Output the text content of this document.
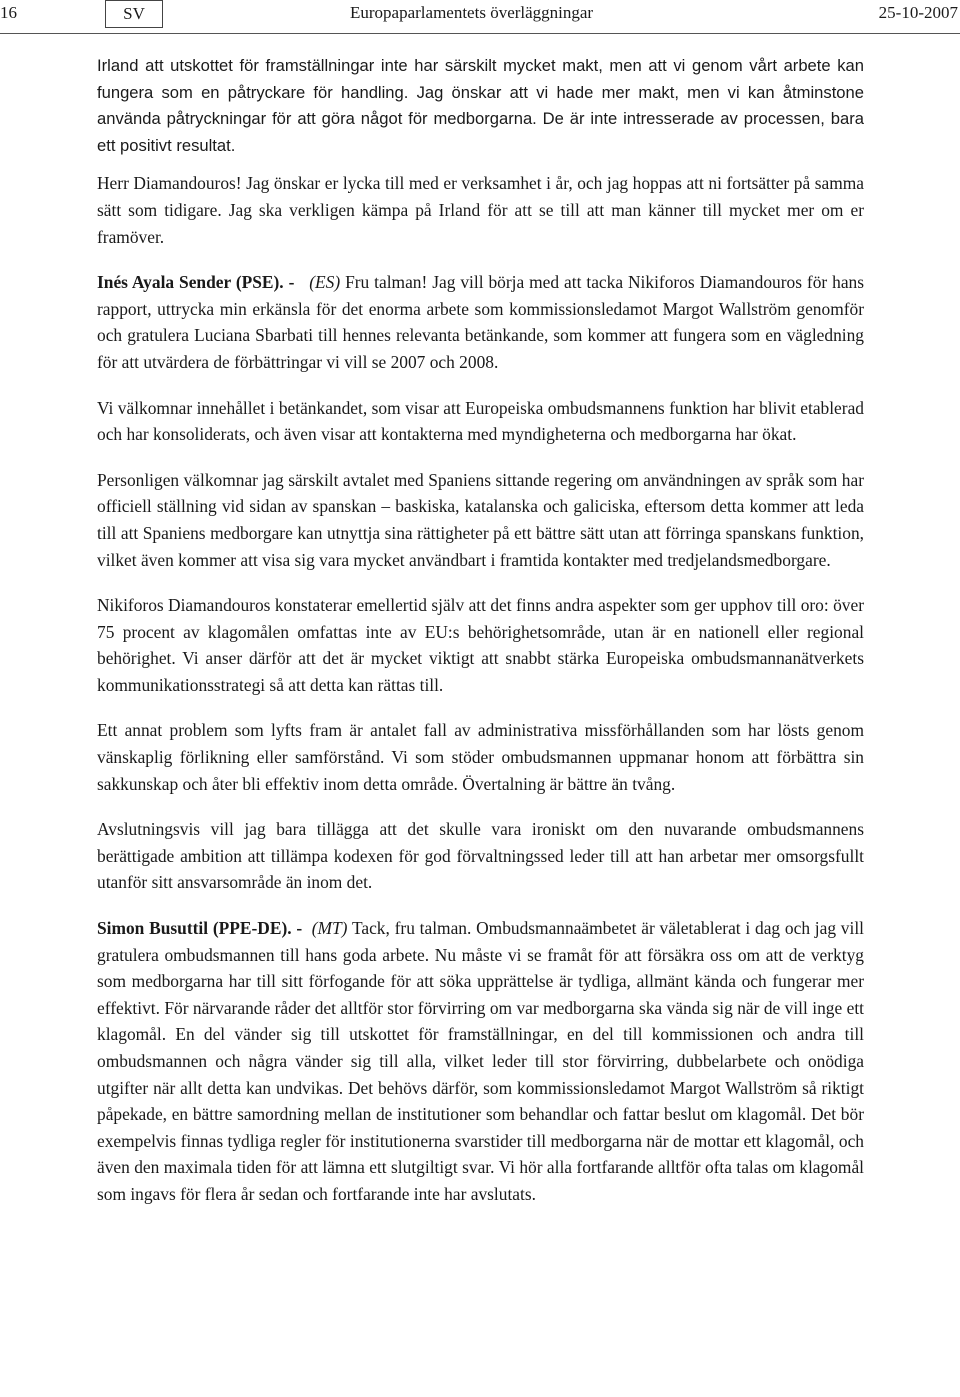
16	SV	Europaparlamentets överläggningar	25-10-2007

Irland att utskottet för framställningar inte har särskilt mycket makt, men att vi genom vårt arbete kan fungera som en påtryckare för handling. Jag önskar att vi hade mer makt, men vi kan åtminstone använda påtryckningar för att göra något för medborgarna. De är inte intresserade av processen, bara ett positivt resultat.

Herr Diamandouros! Jag önskar er lycka till med er verksamhet i år, och jag hoppas att ni fortsätter på samma sätt som tidigare. Jag ska verkligen kämpa på Irland för att se till att man känner till mycket mer om er framöver.

Inés Ayala Sender (PSE). - (ES) Fru talman! Jag vill börja med att tacka Nikiforos Diamandouros för hans rapport, uttrycka min erkänsla för det enorma arbete som kommissionsledamot Margot Wallström genomför och gratulera Luciana Sbarbati till hennes relevanta betänkande, som kommer att fungera som en vägledning för att utvärdera de förbättringar vi vill se 2007 och 2008.

Vi välkomnar innehållet i betänkandet, som visar att Europeiska ombudsmannens funktion har blivit etablerad och har konsoliderats, och även visar att kontakterna med myndigheterna och medborgarna har ökat.

Personligen välkomnar jag särskilt avtalet med Spaniens sittande regering om användningen av språk som har officiell ställning vid sidan av spanskan – baskiska, katalanska och galiciska, eftersom detta kommer att leda till att Spaniens medborgare kan utnyttja sina rättigheter på ett bättre sätt utan att förringa spanskans funktion, vilket även kommer att visa sig vara mycket användbart i framtida kontakter med tredjelandsmedborgare.

Nikiforos Diamandouros konstaterar emellertid själv att det finns andra aspekter som ger upphov till oro: över 75 procent av klagomålen omfattas inte av EU:s behörighetsområde, utan är en nationell eller regional behörighet. Vi anser därför att det är mycket viktigt att snabbt stärka Europeiska ombudsmannanätverkets kommunikationsstrategi så att detta kan rättas till.

Ett annat problem som lyfts fram är antalet fall av administrativa missförhållanden som har lösts genom vänskaplig förlikning eller samförstånd. Vi som stöder ombudsmannen uppmanar honom att förbättra sin sakkunskap och åter bli effektiv inom detta område. Övertalning är bättre än tvång.

Avslutningsvis vill jag bara tillägga att det skulle vara ironiskt om den nuvarande ombudsmannens berättigade ambition att tillämpa kodexen för god förvaltningssed leder till att han arbetar mer omsorgsfullt utanför sitt ansvarsområde än inom det.

Simon Busuttil (PPE-DE). - (MT) Tack, fru talman. Ombudsmannaämbetet är väletablerat i dag och jag vill gratulera ombudsmannen till hans goda arbete. Nu måste vi se framåt för att försäkra oss om att de verktyg som medborgarna har till sitt förfogande för att söka upprättelse är tydliga, allmänt kända och fungerar mer effektivt. För närvarande råder det alltför stor förvirring om var medborgarna ska vända sig när de vill inge ett klagomål. En del vänder sig till utskottet för framställningar, en del till kommissionen och andra till ombudsmannen och några vänder sig till alla, vilket leder till stor förvirring, dubbelarbete och onödiga utgifter när allt detta kan undvikas. Det behövs därför, som kommissionsledamot Margot Wallström så riktigt påpekade, en bättre samordning mellan de institutioner som behandlar och fattar beslut om klagomål. Det bör exempelvis finnas tydliga regler för institutionerna svarstider till medborgarna när de mottar ett klagomål, och även den maximala tiden för att lämna ett slutgiltigt svar. Vi hör alla fortfarande alltför ofta talas om klagomål som ingavs för flera år sedan och fortfarande inte har avslutats.
